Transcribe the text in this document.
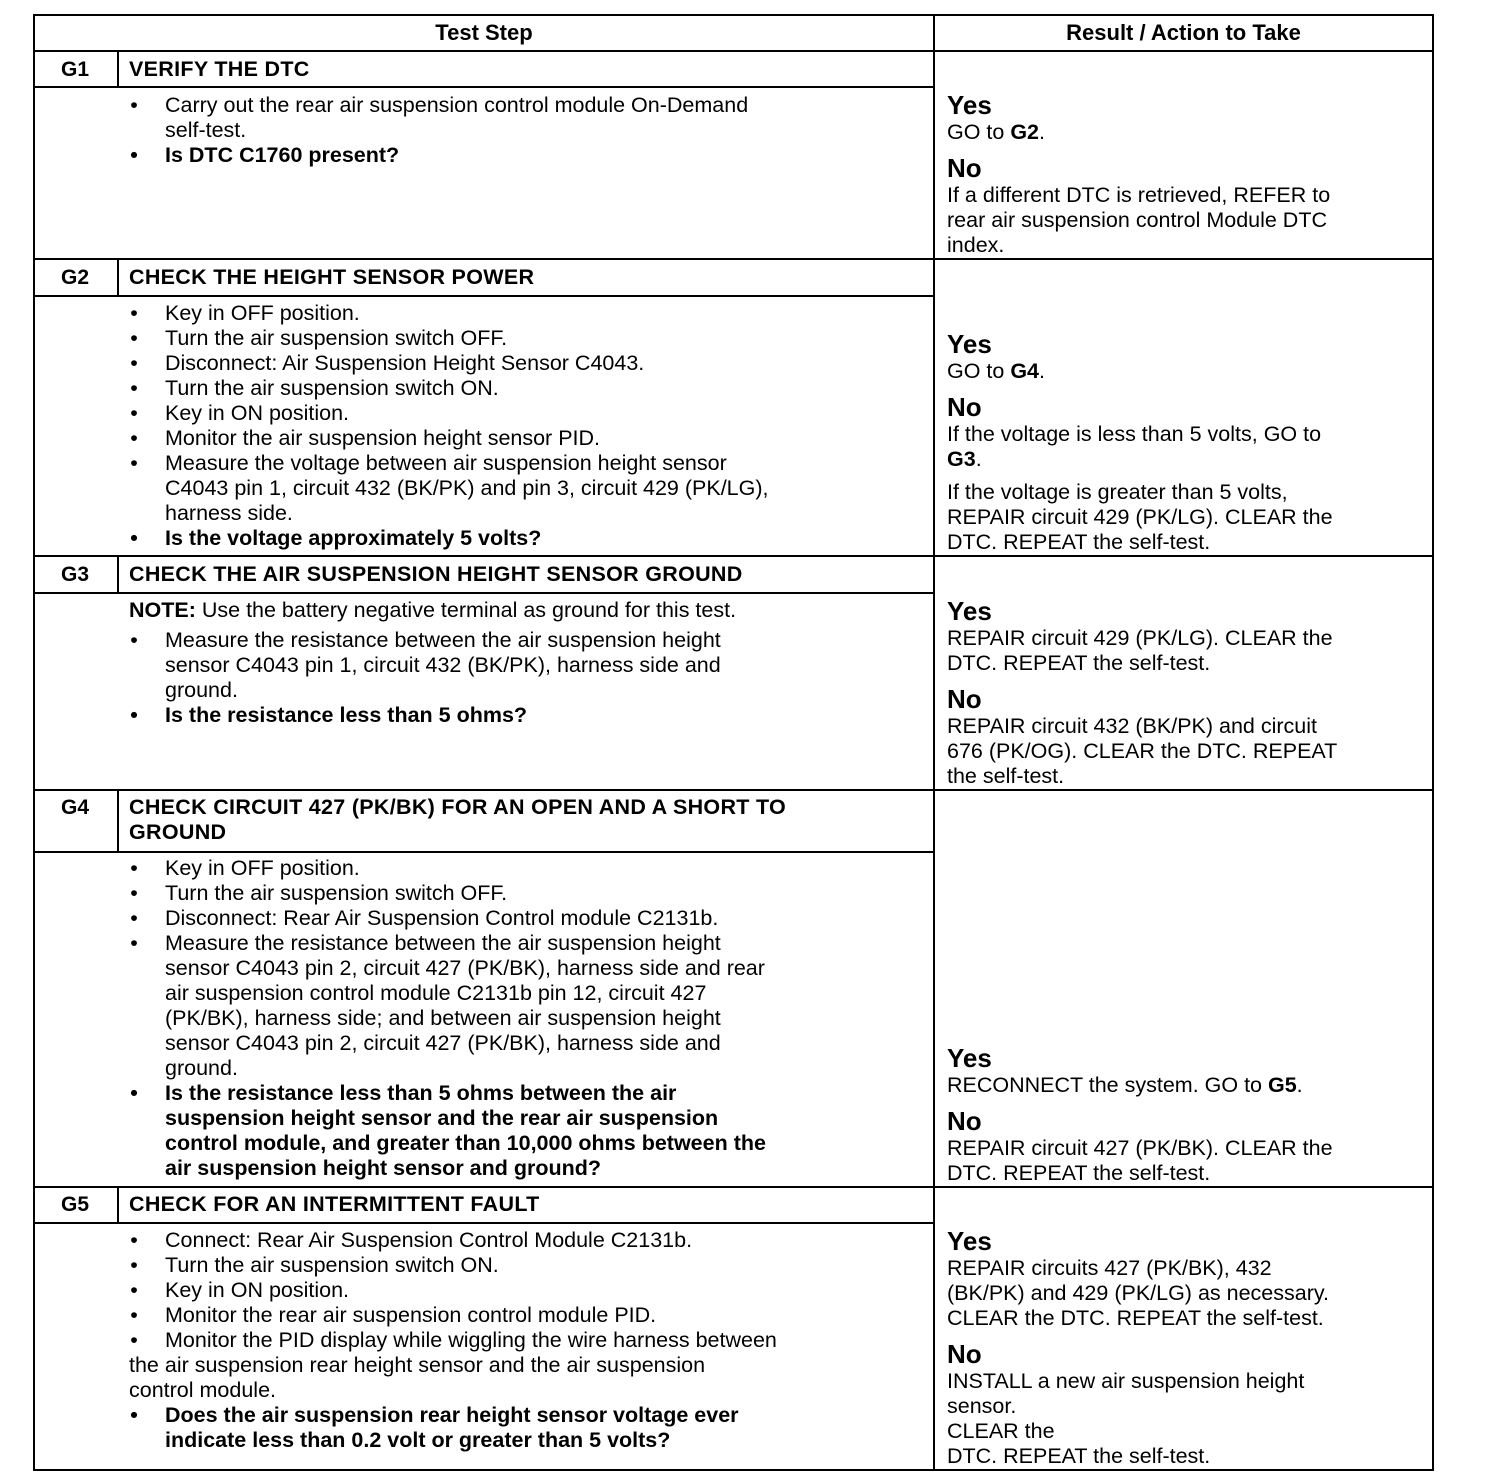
Test Step	Result / Action to Take
G1	VERIFY THE DTC
• Carry out the rear air suspension control module On-Demand
self-test.
• Is DTC C1760 present?
Yes
GO to G2.
No
If a different DTC is retrieved, REFER to
rear air suspension control Module DTC
index.
G2	CHECK THE HEIGHT SENSOR POWER
• Key in OFF position.
• Turn the air suspension switch OFF.
• Disconnect: Air Suspension Height Sensor C4043.
• Turn the air suspension switch ON.
• Key in ON position.
• Monitor the air suspension height sensor PID.
• Measure the voltage between air suspension height sensor
C4043 pin 1, circuit 432 (BK/PK) and pin 3, circuit 429 (PK/LG),
harness side.
• Is the voltage approximately 5 volts?
Yes
GO to G4.
No
If the voltage is less than 5 volts, GO to
G3.
If the voltage is greater than 5 volts,
REPAIR circuit 429 (PK/LG). CLEAR the
DTC. REPEAT the self-test.
G3	CHECK THE AIR SUSPENSION HEIGHT SENSOR GROUND
NOTE: Use the battery negative terminal as ground for this test.
• Measure the resistance between the air suspension height
sensor C4043 pin 1, circuit 432 (BK/PK), harness side and
ground.
• Is the resistance less than 5 ohms?
Yes
REPAIR circuit 429 (PK/LG). CLEAR the
DTC. REPEAT the self-test.
No
REPAIR circuit 432 (BK/PK) and circuit
676 (PK/OG). CLEAR the DTC. REPEAT
the self-test.
G4	CHECK CIRCUIT 427 (PK/BK) FOR AN OPEN AND A SHORT TO
GROUND
• Key in OFF position.
• Turn the air suspension switch OFF.
• Disconnect: Rear Air Suspension Control module C2131b.
• Measure the resistance between the air suspension height
sensor C4043 pin 2, circuit 427 (PK/BK), harness side and rear
air suspension control module C2131b pin 12, circuit 427
(PK/BK), harness side; and between air suspension height
sensor C4043 pin 2, circuit 427 (PK/BK), harness side and
ground.
• Is the resistance less than 5 ohms between the air
suspension height sensor and the rear air suspension
control module, and greater than 10,000 ohms between the
air suspension height sensor and ground?
Yes
RECONNECT the system. GO to G5.
No
REPAIR circuit 427 (PK/BK). CLEAR the
DTC. REPEAT the self-test.
G5	CHECK FOR AN INTERMITTENT FAULT
• Connect: Rear Air Suspension Control Module C2131b.
• Turn the air suspension switch ON.
• Key in ON position.
• Monitor the rear air suspension control module PID.
• Monitor the PID display while wiggling the wire harness between
the air suspension rear height sensor and the air suspension
control module.
• Does the air suspension rear height sensor voltage ever
indicate less than 0.2 volt or greater than 5 volts?
Yes
REPAIR circuits 427 (PK/BK), 432
(BK/PK) and 429 (PK/LG) as necessary.
CLEAR the DTC. REPEAT the self-test.
No
INSTALL a new air suspension height
sensor.
CLEAR the
DTC. REPEAT the self-test.
